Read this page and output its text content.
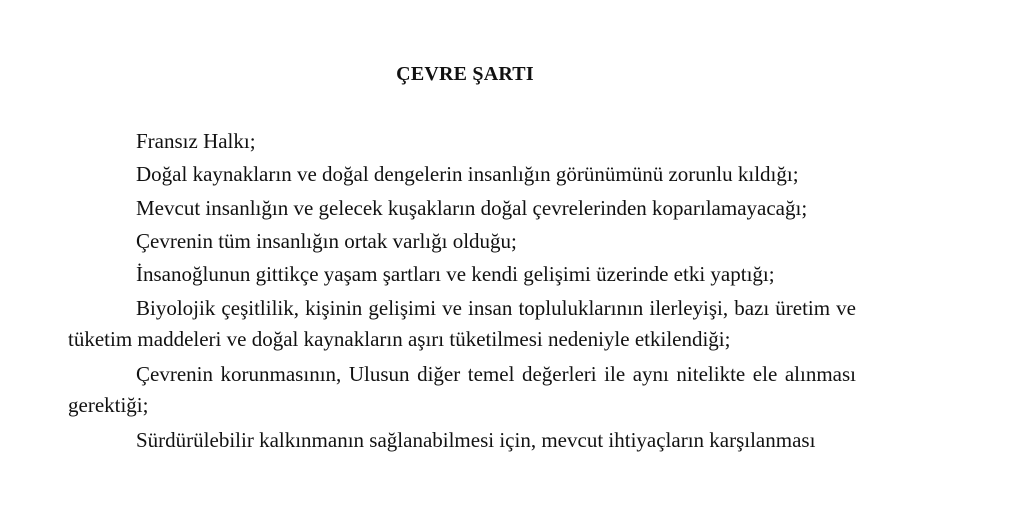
ÇEVRE ŞARTI

Fransız Halkı;

Doğal kaynakların ve doğal dengelerin insanlığın görünümünü zorunlu kıldığı;

Mevcut insanlığın ve gelecek kuşakların doğal çevrelerinden koparılamayacağı;

Çevrenin tüm insanlığın ortak varlığı olduğu;

İnsanoğlunun gittikçe yaşam şartları ve kendi gelişimi üzerinde etki yaptığı;

Biyolojik çeşitlilik, kişinin gelişimi ve insan topluluklarının ilerleyişi, bazı üretim ve tüketim maddeleri ve doğal kaynakların aşırı tüketilmesi nedeniyle etkilendiği;

Çevrenin korunmasının, Ulusun diğer temel değerleri ile aynı nitelikte ele alınması gerektiği;

Sürdürülebilir kalkınmanın sağlanabilmesi için, mevcut ihtiyaçların karşılanması
